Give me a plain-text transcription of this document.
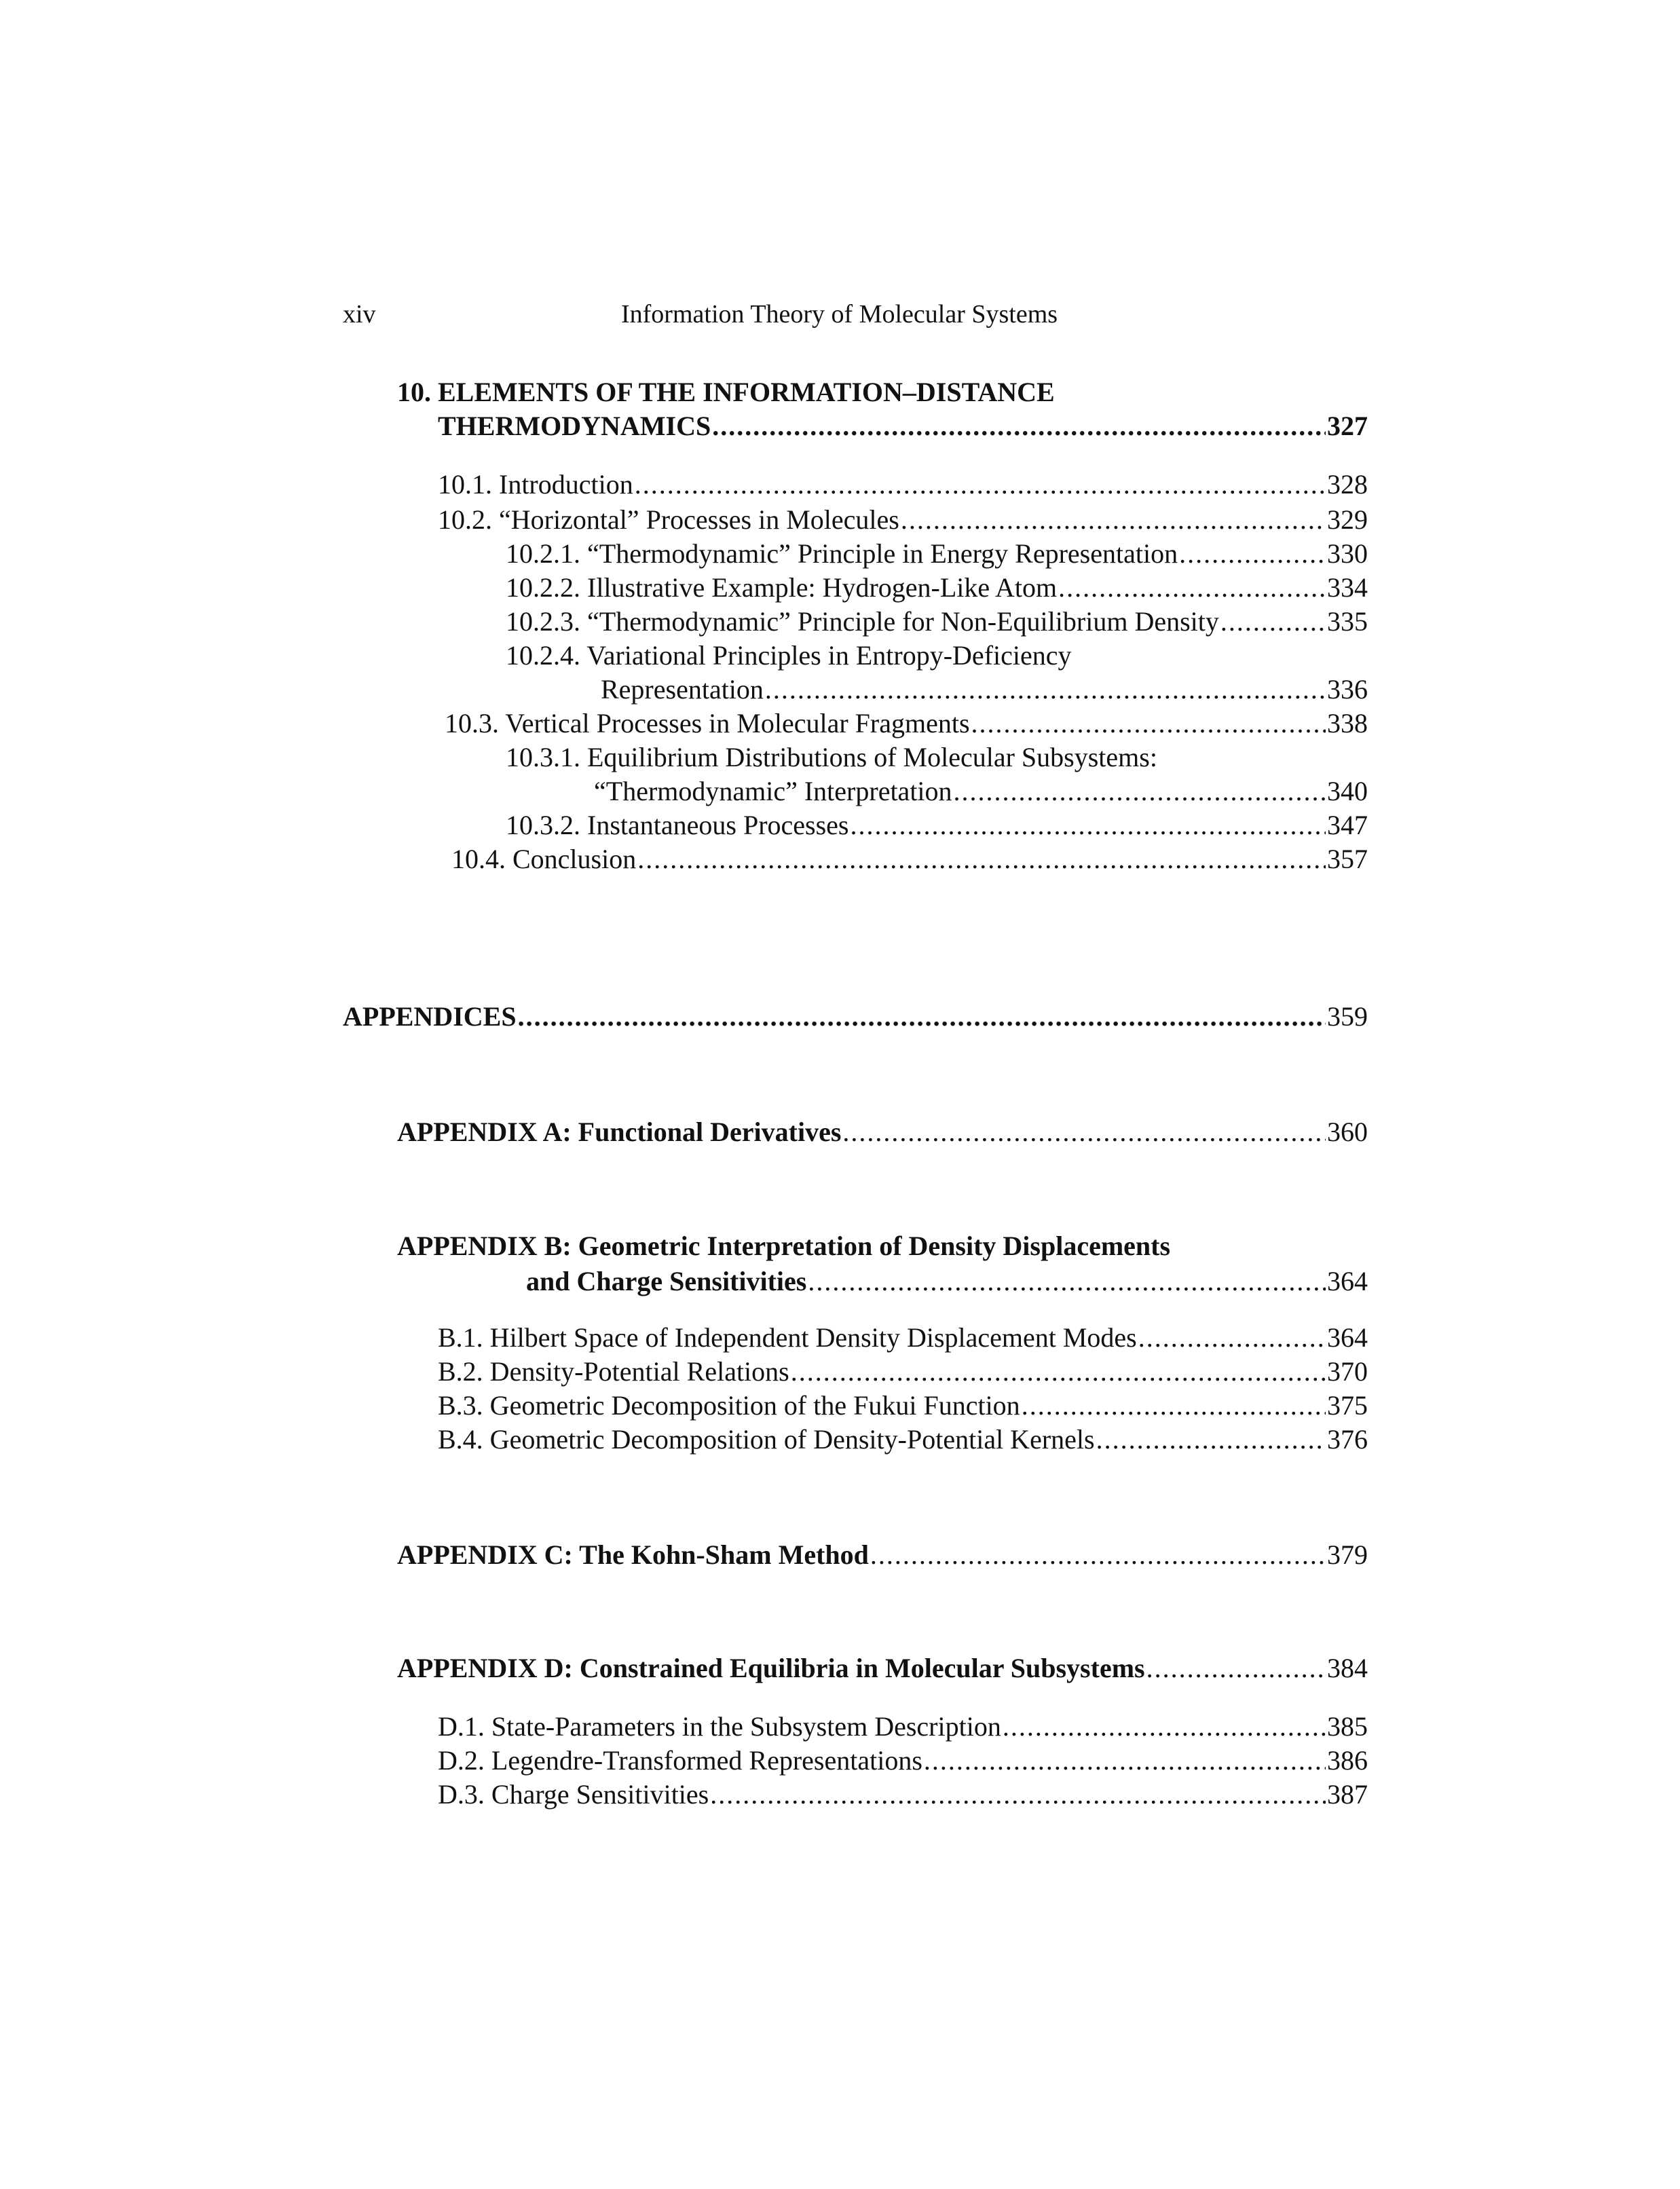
xiv	Information Theory of Molecular Systems
10. ELEMENTS OF THE INFORMATION–DISTANCE
THERMODYNAMICS .....	327
10.1. Introduction .....	328
10.2. “Horizontal” Processes in Molecules .....	329
10.2.1. “Thermodynamic” Principle in Energy Representation .....	330
10.2.2. Illustrative Example: Hydrogen-Like Atom .....	334
10.2.3. “Thermodynamic” Principle for Non-Equilibrium Density .....	335
10.2.4. Variational Principles in Entropy-Deficiency
Representation .....	336
10.3. Vertical Processes in Molecular Fragments .....	338
10.3.1. Equilibrium Distributions of Molecular Subsystems:
“Thermodynamic” Interpretation .....	340
10.3.2. Instantaneous Processes .....	347
10.4. Conclusion .....	357
APPENDICES .....	359
APPENDIX A: Functional Derivatives .....	360
APPENDIX B: Geometric Interpretation of Density Displacements
and Charge Sensitivities .....	364
B.1. Hilbert Space of Independent Density Displacement Modes .....	364
B.2. Density-Potential Relations .....	370
B.3. Geometric Decomposition of the Fukui Function .....	375
B.4. Geometric Decomposition of Density-Potential Kernels .....	376
APPENDIX C: The Kohn-Sham Method .....	379
APPENDIX D: Constrained Equilibria in Molecular Subsystems .....	384
D.1. State-Parameters in the Subsystem Description .....	385
D.2. Legendre-Transformed Representations .....	386
D.3. Charge Sensitivities .....	387
